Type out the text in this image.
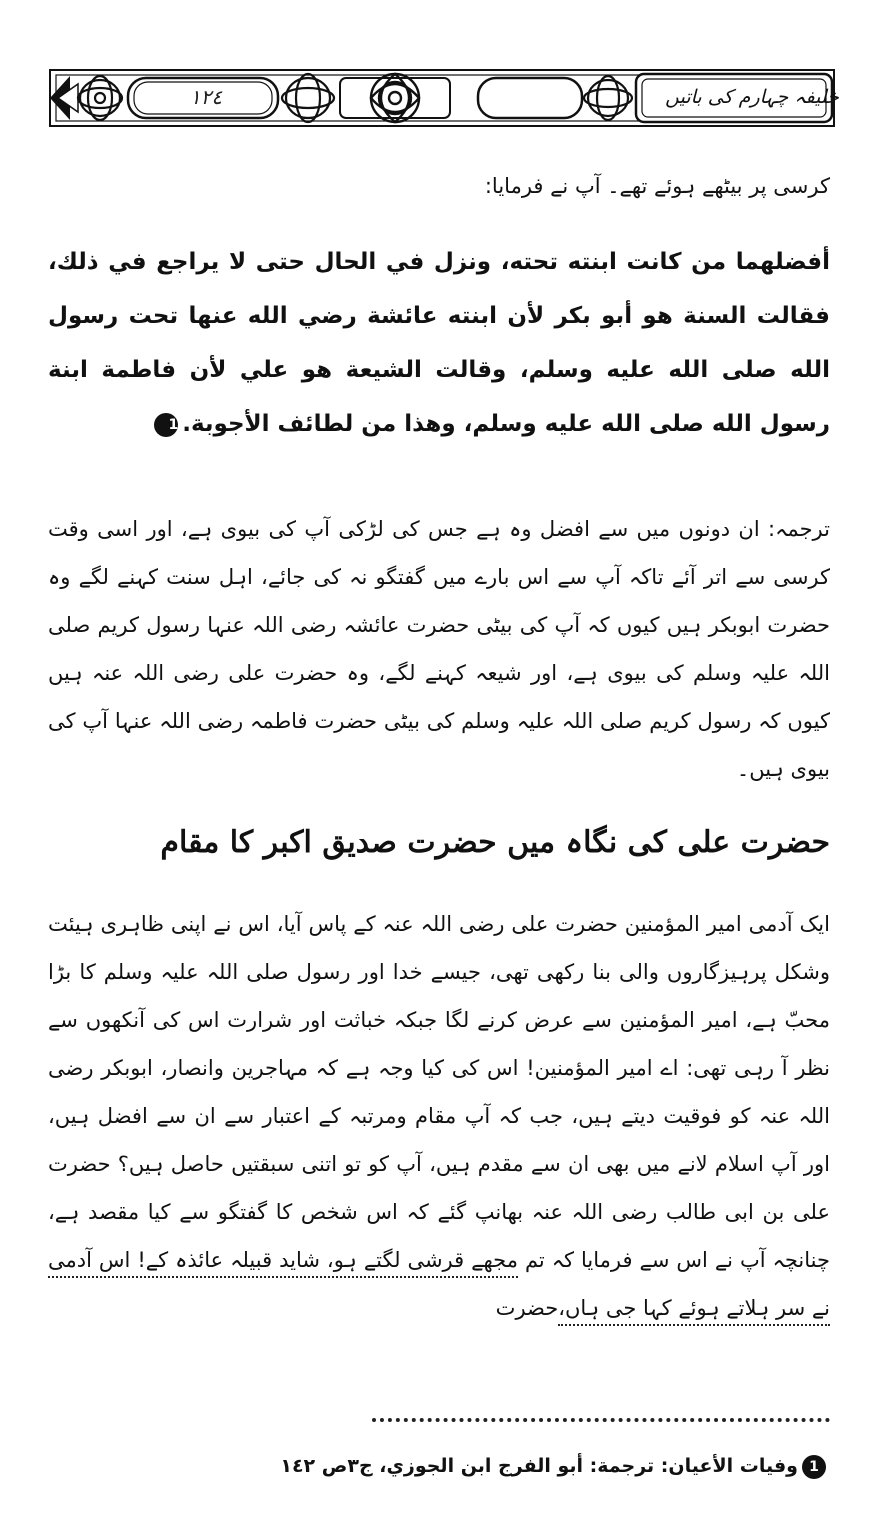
١٢٤	خلیفہ چہارم کی باتیں

کرسی پر بیٹھے ہوئے تھے۔ آپ نے فرمایا:

أفضلهما من كانت ابنته تحته، ونزل في الحال حتى لا يراجع في ذلك، فقالت السنة هو أبو بكر لأن ابنته عائشة رضي الله عنها تحت رسول الله صلى الله عليه وسلم، وقالت الشيعة هو علي لأن فاطمة ابنة رسول الله صلى الله عليه وسلم، وهذا من لطائف الأجوبة.1

ترجمہ: ان دونوں میں سے افضل وہ ہے جس کی لڑکی آپ کی بیوی ہے، اور اسی وقت کرسی سے اتر آئے تاکہ آپ سے اس بارے میں گفتگو نہ کی جائے، اہل سنت کہنے لگے وہ حضرت ابوبکر ہیں کیوں کہ آپ کی بیٹی حضرت عائشہ رضی اللہ عنہا رسول کریم صلی اللہ علیہ وسلم کی بیوی ہے، اور شیعہ کہنے لگے، وہ حضرت علی رضی اللہ عنہ ہیں کیوں کہ رسول کریم صلی اللہ علیہ وسلم کی بیٹی حضرت فاطمہ رضی اللہ عنہا آپ کی بیوی ہیں۔

حضرت علی کی نگاہ میں حضرت صدیق اکبر کا مقام

ایک آدمی امیر المؤمنین حضرت علی رضی اللہ عنہ کے پاس آیا، اس نے اپنی ظاہری ہیئت وشکل پرہیزگاروں والی بنا رکھی تھی، جیسے خدا اور رسول صلی اللہ علیہ وسلم کا بڑا محبّ ہے، امیر المؤمنین سے عرض کرنے لگا جبکہ خباثت اور شرارت اس کی آنکھوں سے نظر آ رہی تھی: اے امیر المؤمنین! اس کی کیا وجہ ہے کہ مہاجرین وانصار، ابوبکر رضی اللہ عنہ کو فوقیت دیتے ہیں، جب کہ آپ مقام ومرتبہ کے اعتبار سے ان سے افضل ہیں، اور آپ اسلام لانے میں بھی ان سے مقدم ہیں، آپ کو تو اتنی سبقتیں حاصل ہیں؟ حضرت علی بن ابی طالب رضی اللہ عنہ بھانپ گئے کہ اس شخص کا گفتگو سے کیا مقصد ہے، چنانچہ آپ نے اس سے فرمایا کہ تم مجھے قرشی لگتے ہو، شاید قبیلہ عائذہ کے! اس آدمی نے سر ہلاتے ہوئے کہا جی ہاں،حضرت

1وفيات الأعيان: ترجمة: أبو الفرج ابن الجوزي، ج٣ص ١٤٢
